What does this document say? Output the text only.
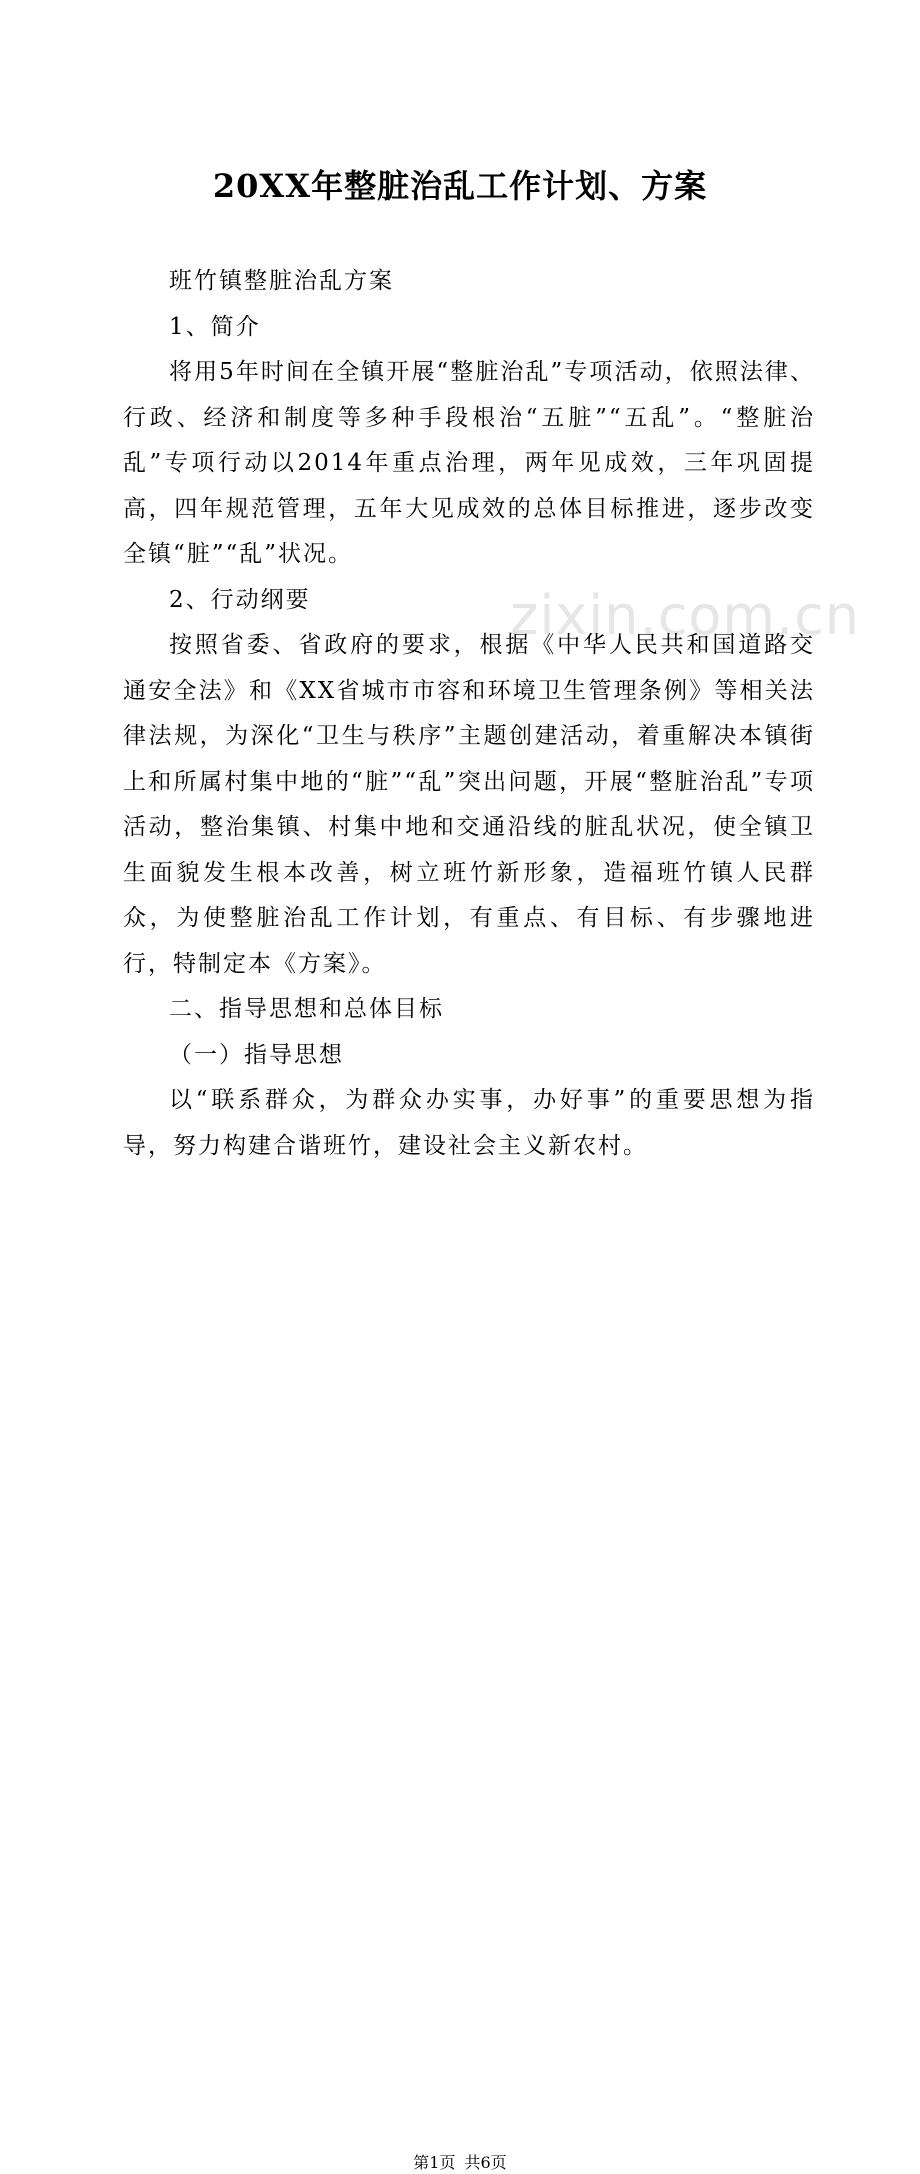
zixin.com.cn
20XX年整脏治乱工作计划、方案

班竹镇整脏治乱方案

1、简介

将用5年时间在全镇开展“整脏治乱”专项活动，依照法律、行政、经济和制度等多种手段根治“五脏”“五乱”。“整脏治乱”专项行动以2014年重点治理，两年见成效，三年巩固提高，四年规范管理，五年大见成效的总体目标推进，逐步改变全镇“脏”“乱”状况。

2、行动纲要

按照省委、省政府的要求，根据《中华人民共和国道路交通安全法》和《XX省城市市容和环境卫生管理条例》等相关法律法规，为深化“卫生与秩序”主题创建活动，着重解决本镇街上和所属村集中地的“脏”“乱”突出问题，开展“整脏治乱”专项活动，整治集镇、村集中地和交通沿线的脏乱状况，使全镇卫生面貌发生根本改善，树立班竹新形象，造福班竹镇人民群众，为使整脏治乱工作计划，有重点、有目标、有步骤地进行，特制定本《方案》。

二、指导思想和总体目标

（一）指导思想

以“联系群众，为群众办实事，办好事”的重要思想为指导，努力构建合谐班竹，建设社会主义新农村。

第1页 共6页
